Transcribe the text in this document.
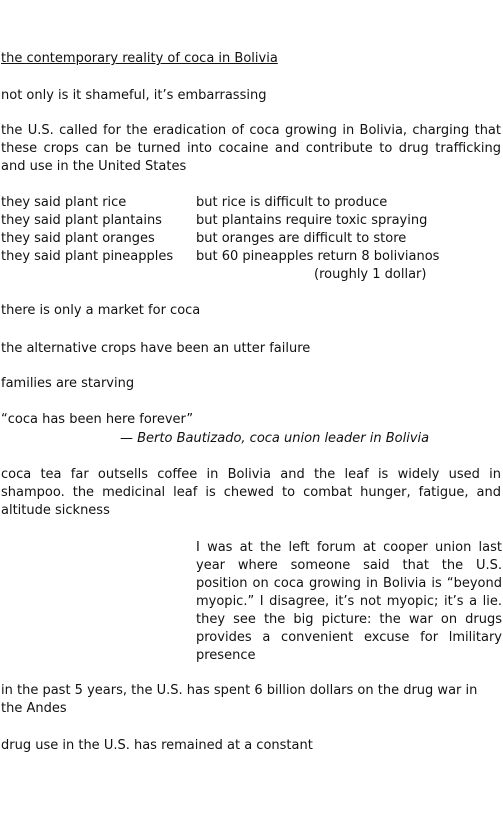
the contemporary reality of coca in Bolivia

not only is it shameful, it’s embarrassing

the U.S. called for the eradication of coca growing in Bolivia, charging that these crops can be turned into cocaine and contribute to drug trafficking and use in the United States

they said plant rice	but rice is difficult to produce
they said plant plantains	but plantains require toxic spraying
they said plant oranges	but oranges are difficult to store
they said plant pineapples but 60 pineapples return 8 bolivianos
(roughly 1 dollar)

there is only a market for coca

the alternative crops have been an utter failure

families are starving

“coca has been here forever”

— Berto Bautizado, coca union leader in Bolivia

coca tea far outsells coffee in Bolivia and the leaf is widely used in shampoo. the medicinal leaf is chewed to combat hunger, fatigue, and altitude sickness

I was at the left forum at cooper union last year where someone said that the U.S. position on coca growing in Bolivia is “beyond myopic.” I disagree, it’s not myopic; it’s a lie. they see the big picture: the war on drugs provides a convenient excuse for lmilitary presence

in the past 5 years, the U.S. has spent 6 billion dollars on the drug war in the Andes

drug use in the U.S. has remained at a constant
